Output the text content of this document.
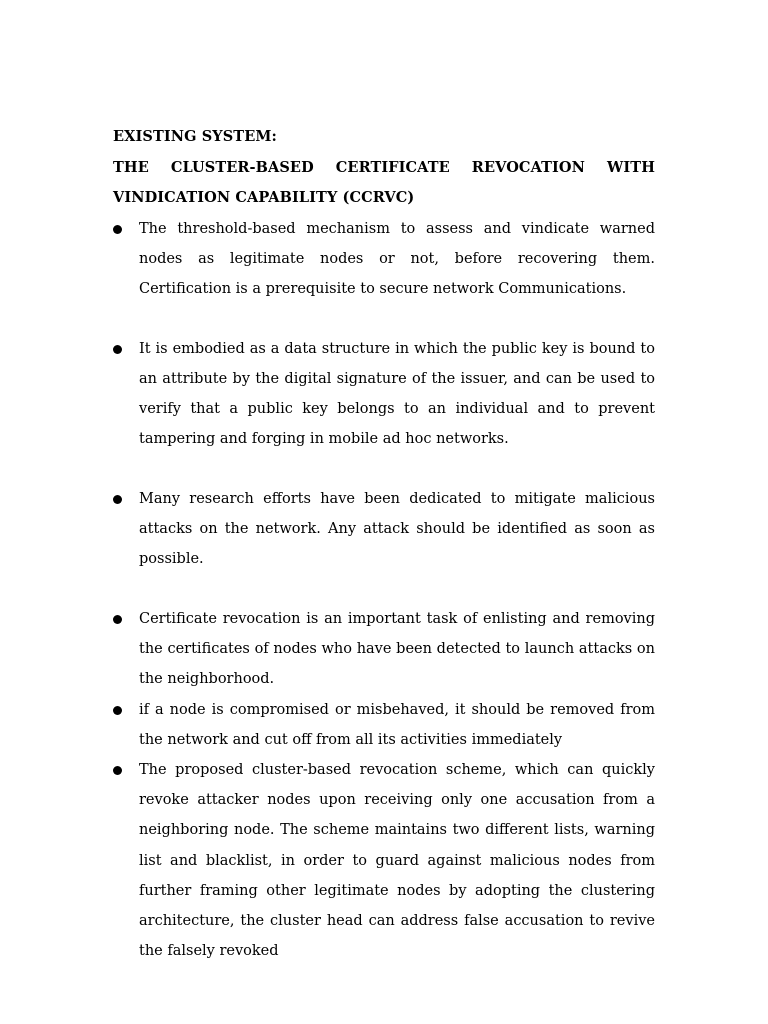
EXISTING SYSTEM:

THE CLUSTER-BASED CERTIFICATE REVOCATION WITH

VINDICATION CAPABILITY (CCRVC)

The threshold-based mechanism to assess and vindicate warned nodes as legitimate nodes or not, before recovering them. Certification is a prerequisite to secure network Communications.
It is embodied as a data structure in which the public key is bound to an attribute by the digital signature of the issuer, and can be used to verify that a public key belongs to an individual and to prevent tampering and forging in mobile ad hoc networks.
Many research efforts have been dedicated to mitigate malicious attacks on the network. Any attack should be identified as soon as possible.
Certificate revocation is an important task of enlisting and removing the certificates of nodes who have been detected to launch attacks on the neighborhood.
if a node is compromised or misbehaved, it should be removed from the network and cut off from all its activities immediately
The proposed cluster-based revocation scheme, which can quickly revoke attacker nodes upon receiving only one accusation from a neighboring node. The scheme maintains two different lists, warning list and blacklist, in order to guard against malicious nodes from further framing other legitimate nodes by adopting the clustering architecture, the cluster head can address false accusation to revive the falsely revoked
